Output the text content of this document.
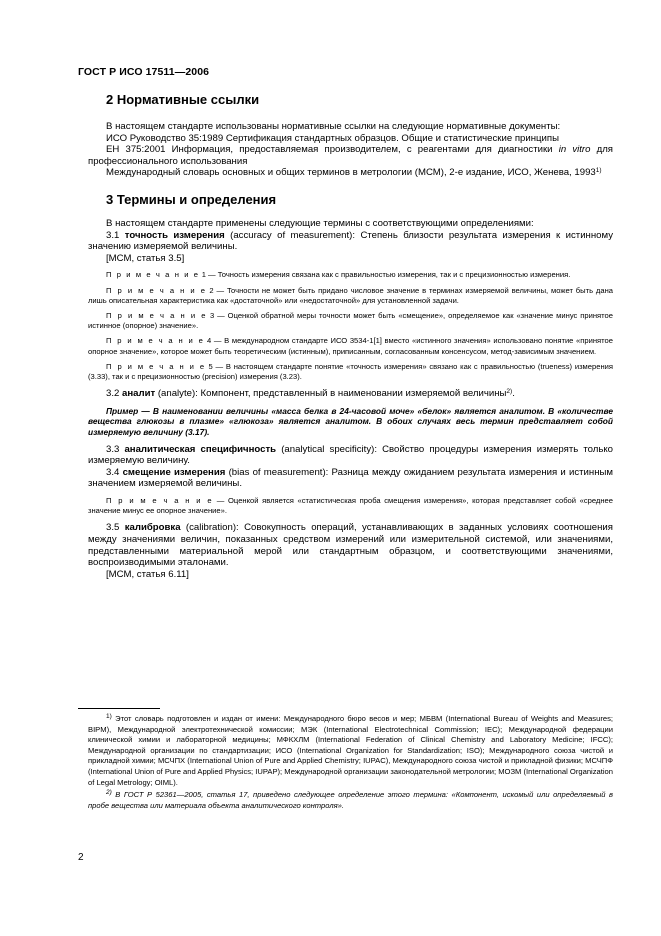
ГОСТ Р ИСО 17511—2006
2 Нормативные ссылки

В настоящем стандарте использованы нормативные ссылки на следующие нормативные документы:

ИСО Руководство 35:1989 Сертификация стандартных образцов. Общие и статистические принципы

ЕН 375:2001 Информация, предоставляемая производителем, с реагентами для диагностики in vitro для профессионального использования

Международный словарь основных и общих терминов в метрологии (МСМ), 2-е издание, ИСО, Женева, 1993$^{1)}$

3 Термины и определения

В настоящем стандарте применены следующие термины с соответствующими определениями:

3.1 точность измерения (accuracy of measurement): Степень близости результата измерения к истинному значению измеряемой величины.

[МСМ, статья 3.5]

П р и м е ч а н и е 1 — Точность измерения связана как с правильностью измерения, так и с прецизионностью измерения.

П р и м е ч а н и е 2 — Точности не может быть придано числовое значение в терминах измеряемой величины, может быть дана лишь описательная характеристика как «достаточной» или «недостаточной» для установленной задачи.

П р и м е ч а н и е 3 — Оценкой обратной меры точности может быть «смещение», определяемое как «значение минус принятое истинное (опорное) значение».

П р и м е ч а н и е 4 — В международном стандарте ИСО 3534-1[1] вместо «истинного значения» использовано понятие «принятое опорное значение», которое может быть теоретическим (истинным), приписанным, согласованным консенсусом, метод-зависимым значением.

П р и м е ч а н и е 5 — В настоящем стандарте понятие «точность измерения» связано как с правильностью (trueness) измерения (3.33), так и с прецизионностью (precision) измерения (3.23).

3.2 аналит (analyte): Компонент, представленный в наименовании измеряемой величины$^{2)}$.

Пример — В наименовании величины «масса белка в 24-часовой моче» «белок» является аналитом. В «количестве вещества глюкозы в плазме» «глюкоза» является аналитом. В обоих случаях весь термин представляет собой измеряемую величину (3.17).

3.3 аналитическая специфичность (analytical specificity): Свойство процедуры измерения измерять только измеряемую величину.

3.4 смещение измерения (bias of measurement): Разница между ожиданием результата измерения и истинным значением измеряемой величины.

П р и м е ч а н и е — Оценкой является «статистическая проба смещения измерения», которая представляет собой «среднее значение минус ее опорное значение».

3.5 калибровка (calibration): Совокупность операций, устанавливающих в заданных условиях соотношения между значениями величин, показанных средством измерений или измерительной системой, или значениями, представленными материальной мерой или стандартным образцом, и соответствующими значениями, воспроизводимыми эталонами.

[МСМ, статья 6.11]

$^{1)}$ Этот словарь подготовлен и издан от имени: Международного бюро весов и мер; МБВМ (International Bureau of Weights and Measures; BIPM), Международной электротехнической комиссии; МЭК (International Electrotechnical Commission; IEC); Международной федерации клинической химии и лабораторной медицины; МФКХЛМ (International Federation of Clinical Chemistry and Laboratory Medicine; IFCC); Международной организации по стандартизации; ИСО (International Organization for Standardization; ISO); Международного союза чистой и прикладной химии; МСЧПХ (International Union of Pure and Applied Chemistry; IUPAC), Международного союза чистой и прикладной физики; МСЧПФ (International Union of Pure and Applied Physics; IUPAP); Международной организации законодательной метрологии; МОЗМ (International Organization of Legal Metrology; OIML).

$^{2)}$ В ГОСТ Р 52361—2005, статья 17, приведено следующее определение этого термина: «Компонент, искомый или определяемый в пробе вещества или материала объекта аналитического контроля».

2
